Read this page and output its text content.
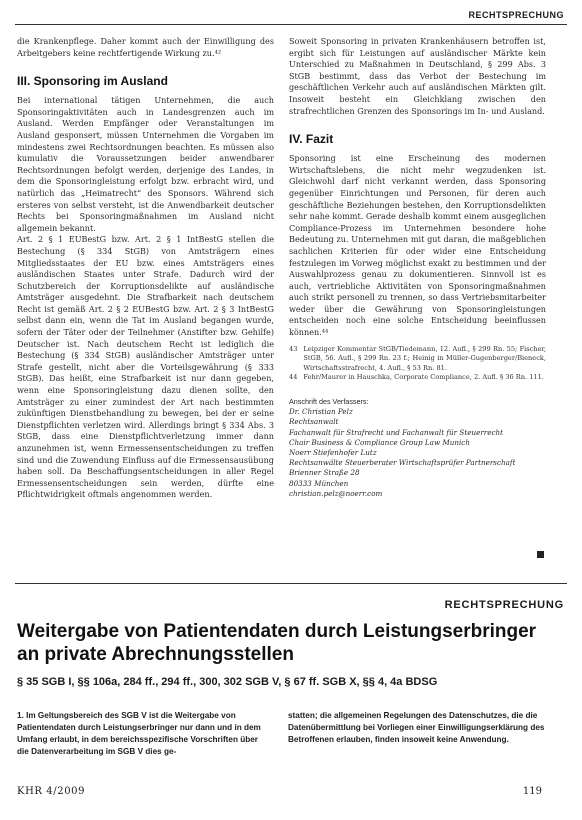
RECHTSPRECHUNG

die Krankenpflege. Daher kommt auch der Einwilligung des Arbeitgebers keine rechtfertigende Wirkung zu.⁴²

III. Sponsoring im Ausland

Bei international tätigen Unternehmen, die auch Sponsoringaktivitäten auch in Landesgrenzen auch im Ausland. Werden Empfänger oder Veranstaltungen im Ausland gesponsert, müssen Unternehmen die Vorgaben im mindestens zwei Rechtsordnungen beachten. Es müssen also kumulativ die Voraussetzungen beider anwendbarer Rechtsordnungen befolgt werden, derjenige des Landes, in dem die Sponsoringleistung erfolgt bzw. erbracht wird, und natürlich das „Heimatrecht“ des Sponsors. Während sich ersteres von selbst versteht, ist die Anwendbarkeit deutscher Rechts bei Sponsoringmaßnahmen im Ausland nicht allgemein bekannt.

Art. 2 § 1 EUBestG bzw. Art. 2 § 1 IntBestG stellen die Bestechung (§ 334 StGB) von Amtsträgern eines Mitgliedsstaates der EU bzw. eines Amtsträgers eines ausländischen Staates unter Strafe. Dadurch wird der Schutzbereich der Korruptionsdelikte auf ausländische Amtsträger ausgedehnt. Die Strafbarkeit nach deutschem Recht ist gemäß Art. 2 § 2 EUBestG bzw. Art. 2 § 3 IntBestG selbst dann ein, wenn die Tat im Ausland begangen wurde, sofern der Täter oder der Teilnehmer (Anstifter bzw. Gehilfe) Deutscher ist. Nach deutschem Recht ist lediglich die Bestechung (§ 334 StGB) ausländischer Amtsträger unter Strafe gestellt, nicht aber die Vorteilsgewährung (§ 333 StGB). Das heißt, eine Strafbarkeit ist nur dann gegeben, wenn eine Sponsoringleistung dazu dienen sollte, den Amtsträger zu einer zumindest der Art nach bestimmten zukünftigen Dienstbehandlung zu bewegen, bei der er seine Dienstpflichten verletzen wird. Allerdings bringt § 334 Abs. 3 StGB, dass eine Dienstpflichtverletzung immer dann anzunehmen ist, wenn Ermessensentscheidungen zu treffen sind und die Zuwendung Einfluss auf die Ermessensausübung haben soll. Da Beschaffungsentscheidungen in aller Regel Ermessensentscheidungen sein werden, dürfte eine Pflichtwidrigkeit oftmals angenommen werden.

Soweit Sponsoring in privaten Krankenhäusern betroffen ist, ergibt sich für Leistungen auf ausländischer Märkte kein Unterschied zu Maßnahmen in Deutschland, § 299 Abs. 3 StGB bestimmt, dass das Verbot der Bestechung im geschäftlichen Verkehr auch auf ausländischen Märkten gilt. Insoweit besteht ein Gleichklang zwischen den strafrechtlichen Grenzen des Sponsorings im In- und Ausland.

IV. Fazit

Sponsoring ist eine Erscheinung des modernen Wirtschaftslebens, die nicht mehr wegzudenken ist. Gleichwohl darf nicht verkannt werden, dass Sponsoring gegenüber Einrichtungen und Personen, für deren auch geschäftliche Beziehungen bestehen, den Korruptionsdelikten sehr nahe kommt. Gerade deshalb kommt einem ausgeglichen Compliance-Prozess im Unternehmen besondere hohe Bedeutung zu. Unternehmen mit gut daran, die maßgeblichen sachlichen Kriterien für oder wider eine Entscheidung festzulegen im Vorweg möglichst exakt zu bestimmen und der Auswahlprozess genau zu dokumentieren. Sinnvoll ist es auch, vertriebliche Aktivitäten von Sponsoringmaßnahmen auch strikt personell zu trennen, so dass Vertriebsmitarbeiter weder über die Gewährung von Sponsoringleistungen entscheiden noch eine solche Entscheidung beeinflussen können.⁴⁴

43 Leipziger Kommentar StGB/Tiedemann, 12. Aufl., § 299 Rn. 55; Fischer, StGB, 56. Aufl., § 299 Rn. 23 f.; Heinig in Müller-Gugenberger/Bieneck, Wirtschaftsstrafrecht, 4. Aufl., § 53 Rn. 81.
44 Fehr/Maurer in Hauschka, Corporate Compliance, 2. Aufl. § 36 Rn. 111.
Anschrift des Verfassers:
Dr. Christian Pelz
Rechtsanwalt
Fachanwalt für Strafrecht und Fachanwalt für Steuerrecht
Chair Business & Compliance Group Law Munich
Noerr Stiefenhofer Lutz
Rechtsanwälte Steuerberater Wirtschaftsprüfer Partnerschaft
Brienner Straße 28
80333 München
christian.pelz@noerr.com
RECHTSPRECHUNG
Weitergabe von Patientendaten durch Leistungserbringer an private Abrechnungsstellen
§ 35 SGB I, §§ 106a, 284 ff., 294 ff., 300, 302 SGB V, § 67 ff. SGB X, §§ 4, 4a BDSG
1. Im Geltungsbereich des SGB V ist die Weitergabe von Patientendaten durch Leistungserbringer nur dann und in dem Umfang erlaubt, in dem bereichsspezifische Vorschriften über die Datenverarbeitung im SGB V dies ge-
statten; die allgemeinen Regelungen des Datenschutzes, die die Datenübermittlung bei Vorliegen einer Einwilligungserklärung des Betroffenen erlauben, finden insoweit keine Anwendung.
KHR 4/2009	119
